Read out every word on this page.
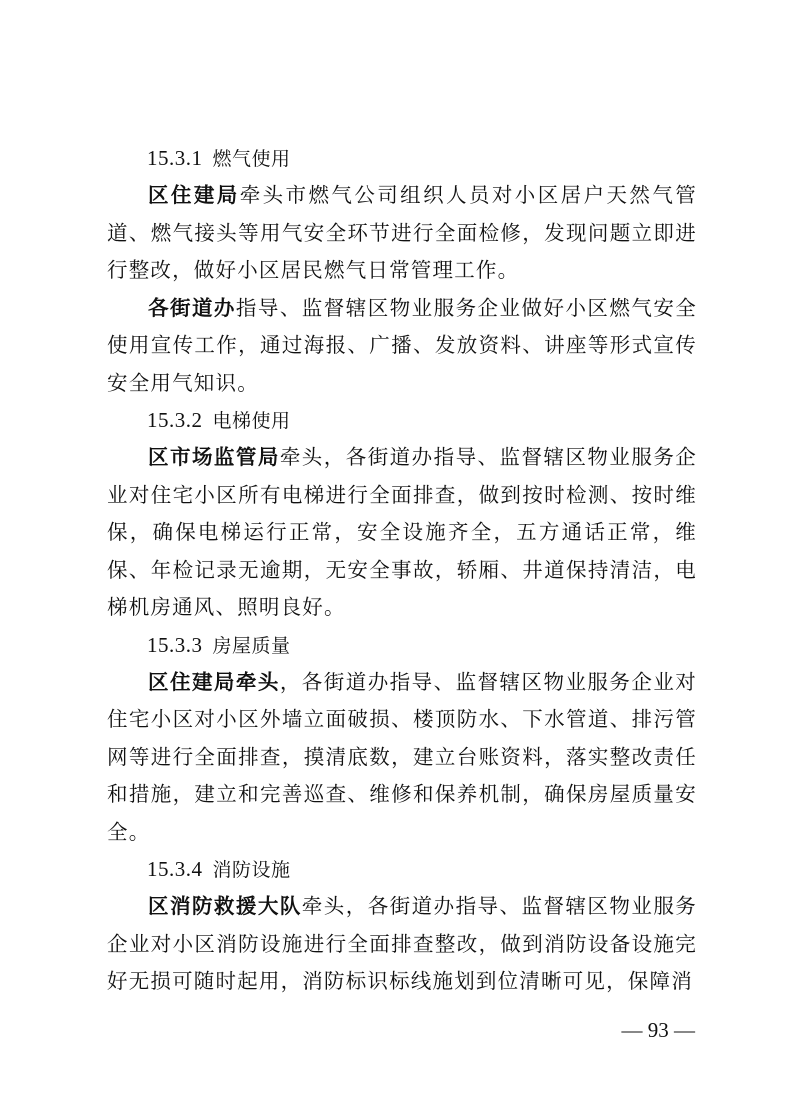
15.3.1 燃气使用

区住建局牵头市燃气公司组织人员对小区居户天然气管道、燃气接头等用气安全环节进行全面检修，发现问题立即进行整改，做好小区居民燃气日常管理工作。

各街道办指导、监督辖区物业服务企业做好小区燃气安全使用宣传工作，通过海报、广播、发放资料、讲座等形式宣传安全用气知识。

15.3.2 电梯使用

区市场监管局牵头，各街道办指导、监督辖区物业服务企业对住宅小区所有电梯进行全面排查，做到按时检测、按时维保，确保电梯运行正常，安全设施齐全，五方通话正常，维保、年检记录无逾期，无安全事故，轿厢、井道保持清洁，电梯机房通风、照明良好。

15.3.3 房屋质量

区住建局牵头，各街道办指导、监督辖区物业服务企业对住宅小区对小区外墙立面破损、楼顶防水、下水管道、排污管网等进行全面排查，摸清底数，建立台账资料，落实整改责任和措施，建立和完善巡查、维修和保养机制，确保房屋质量安全。

15.3.4 消防设施

区消防救援大队牵头，各街道办指导、监督辖区物业服务企业对小区消防设施进行全面排查整改，做到消防设备设施完好无损可随时起用，消防标识标线施划到位清晰可见，保障消

— 93 —
